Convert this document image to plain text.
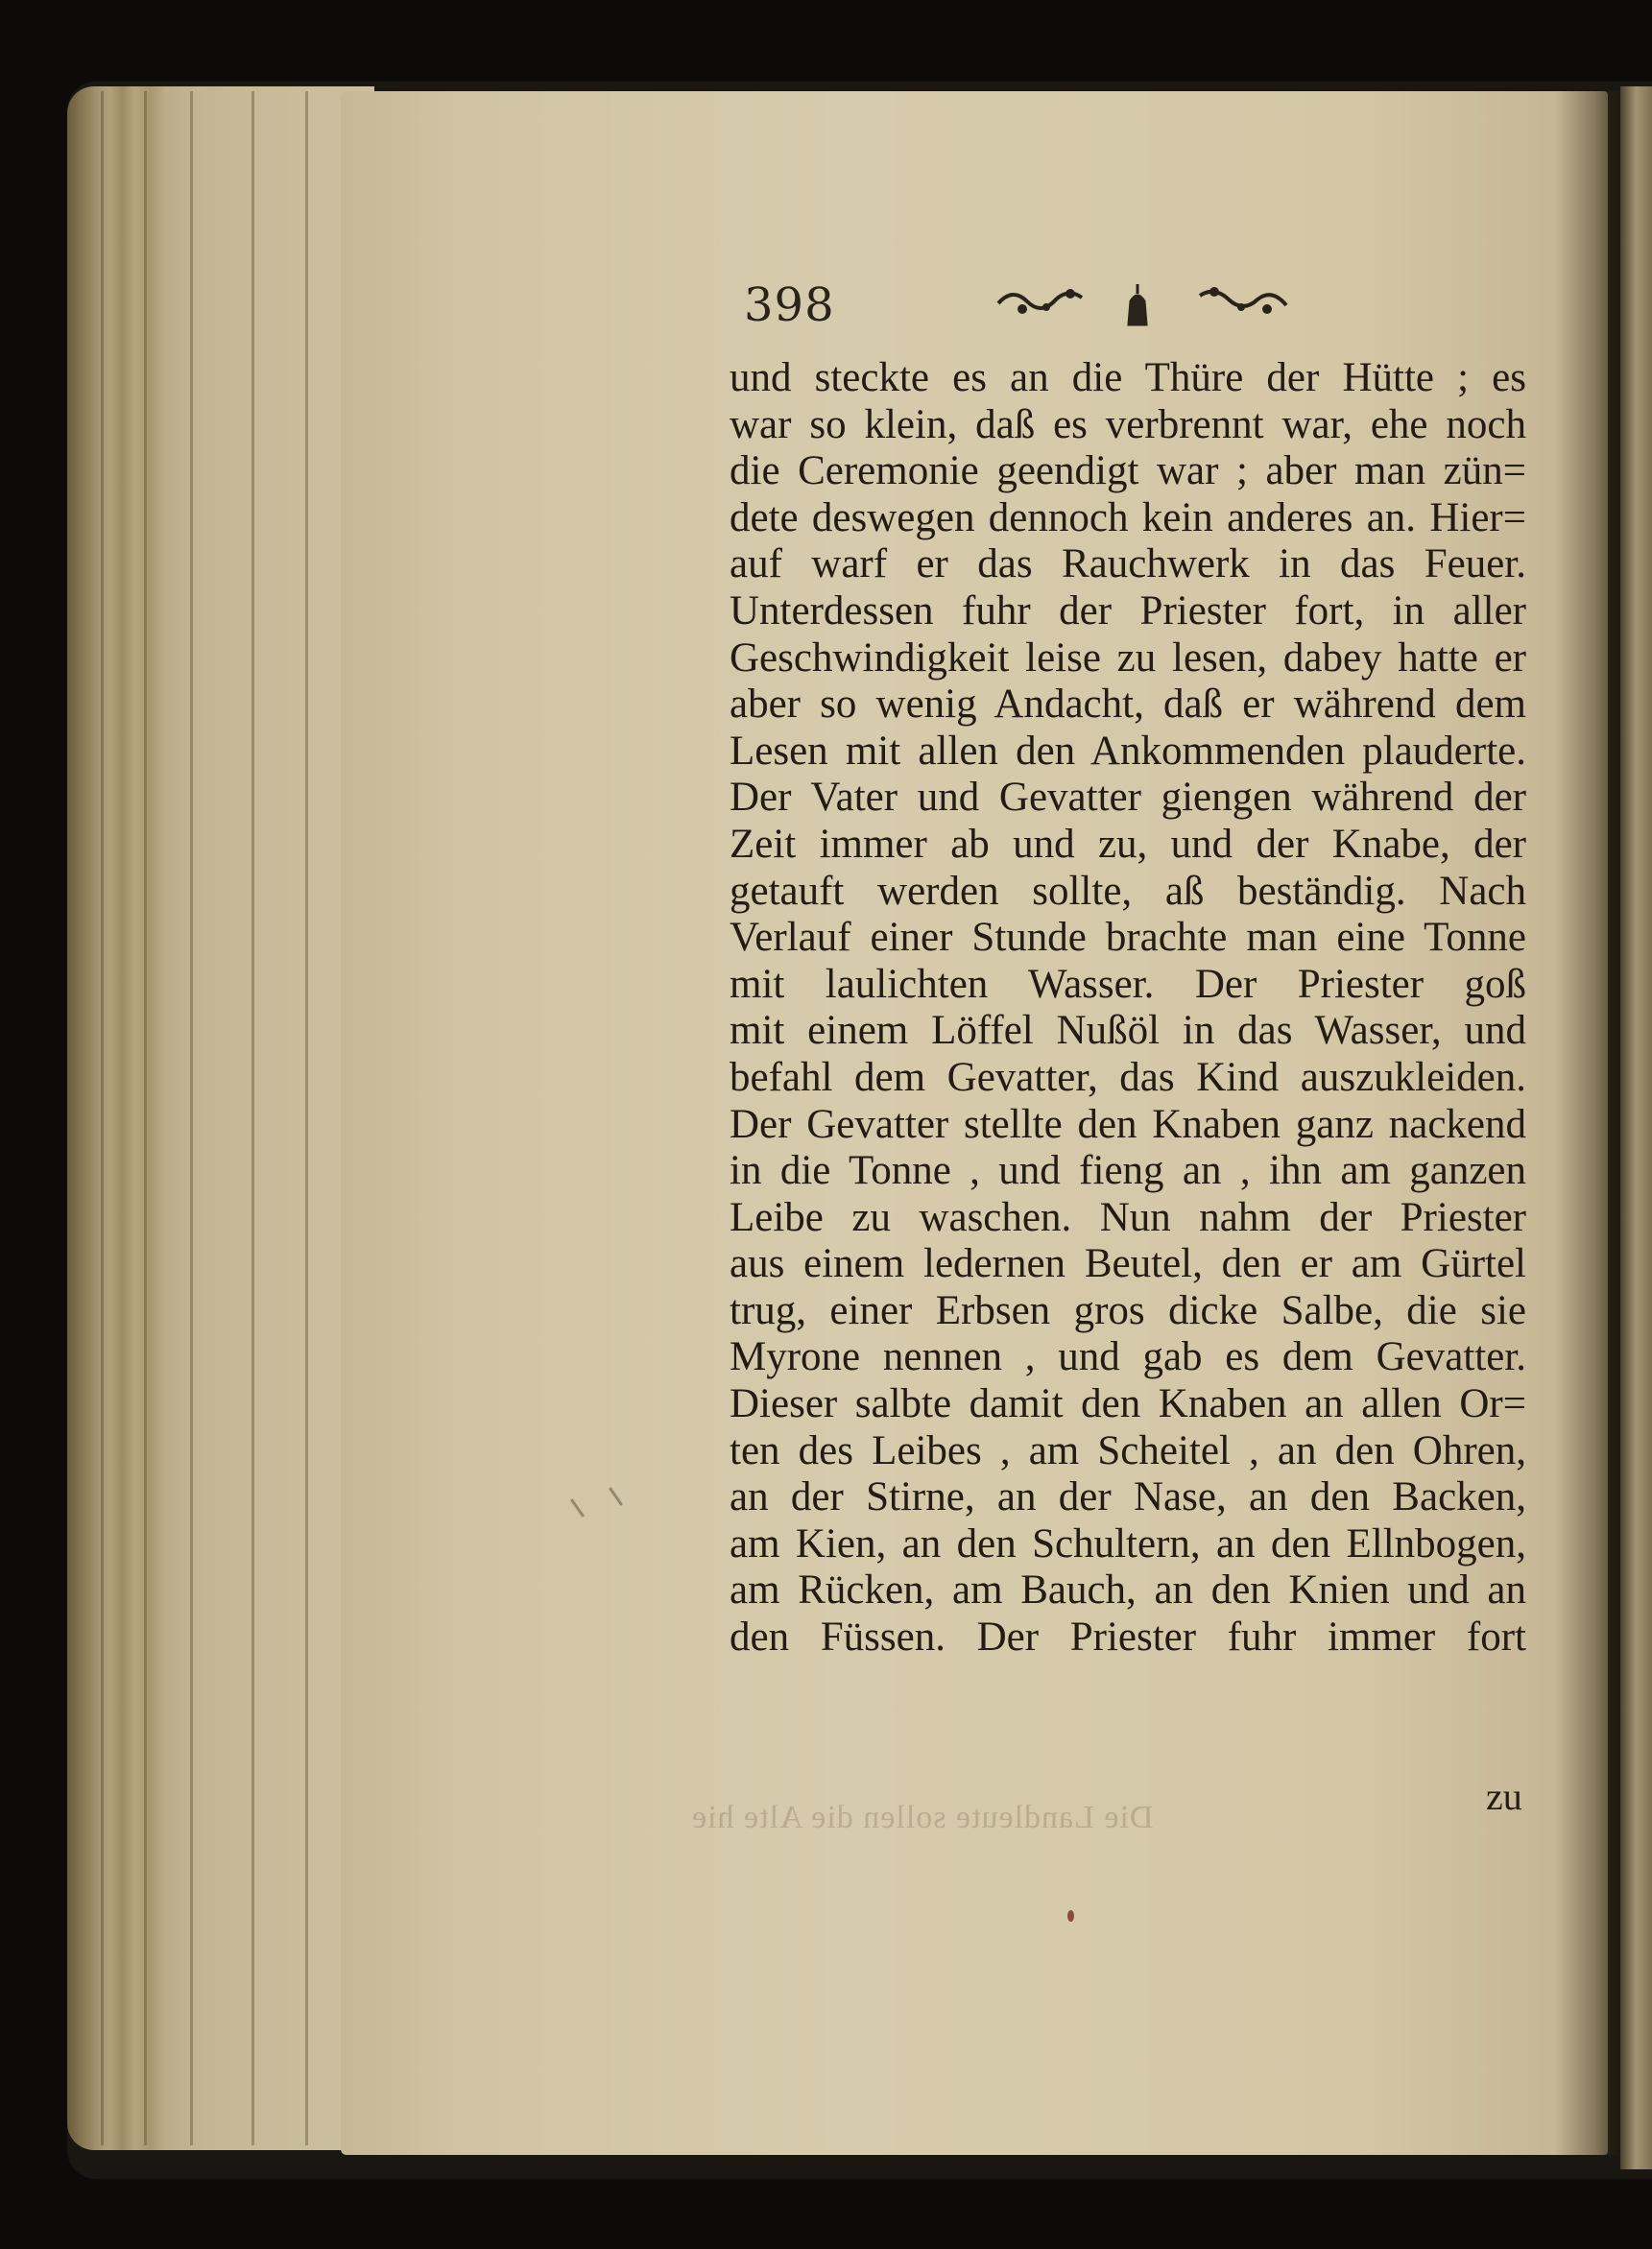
398
und steckte es an die Thüre der Hütte ; es
war so klein, daß es verbrennt war, ehe noch
die Ceremonie geendigt war ; aber man zün=
dete deswegen dennoch kein anderes an. Hier=
auf warf er das Rauchwerk in das Feuer.
Unterdessen fuhr der Priester fort, in aller
Geschwindigkeit leise zu lesen, dabey hatte er
aber so wenig Andacht, daß er während dem
Lesen mit allen den Ankommenden plauderte.
Der Vater und Gevatter giengen während der
Zeit immer ab und zu, und der Knabe, der
getauft werden sollte, aß beständig. Nach
Verlauf einer Stunde brachte man eine Tonne
mit laulichten Wasser. Der Priester goß
mit einem Löffel Nußöl in das Wasser, und
befahl dem Gevatter, das Kind auszukleiden.
Der Gevatter stellte den Knaben ganz nackend
in die Tonne , und fieng an , ihn am ganzen
Leibe zu waschen. Nun nahm der Priester
aus einem ledernen Beutel, den er am Gürtel
trug, einer Erbsen gros dicke Salbe, die sie
Myrone nennen , und gab es dem Gevatter.
Dieser salbte damit den Knaben an allen Or=
ten des Leibes , am Scheitel , an den Ohren,
an der Stirne, an der Nase, an den Backen,
am Kien, an den Schultern, an den Ellnbogen,
am Rücken, am Bauch, an den Knien und an
den Füssen. Der Priester fuhr immer fort
Die Landleute sollen die Alte hie	zu
